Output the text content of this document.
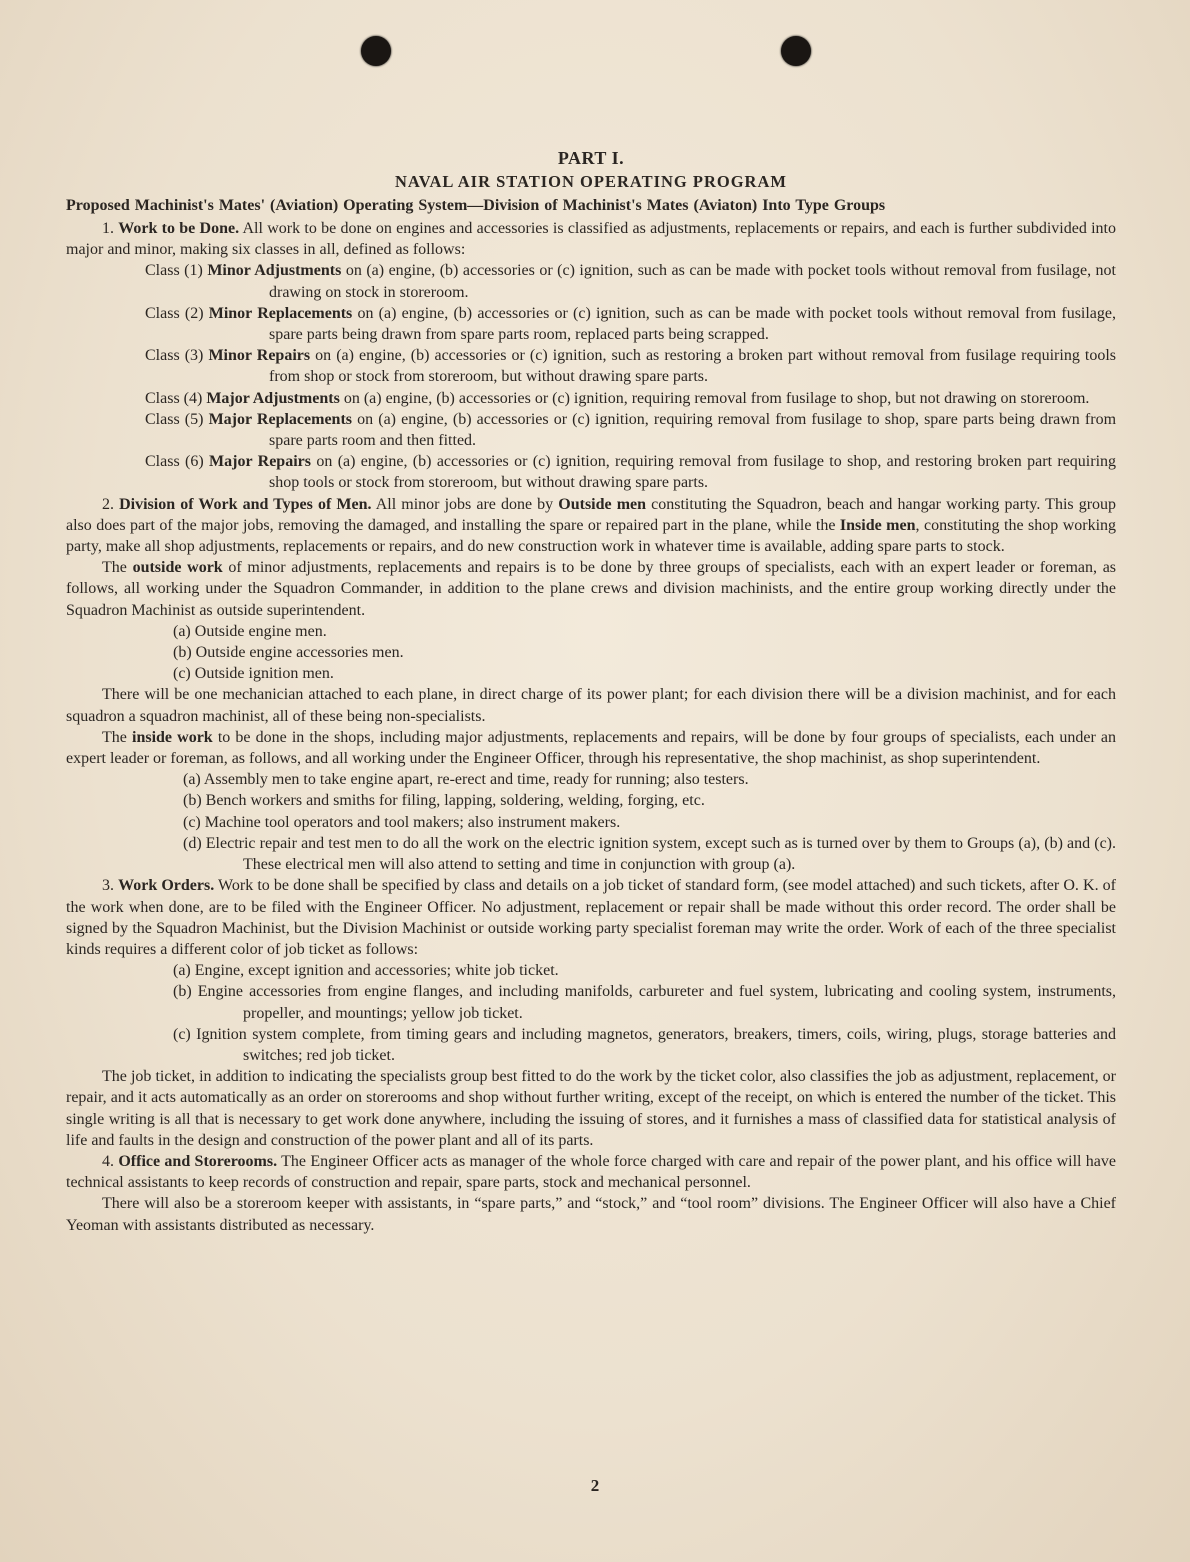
PART I.
NAVAL AIR STATION OPERATING PROGRAM
Proposed Machinist's Mates' (Aviation) Operating System—Division of Machinist's Mates (Aviaton) Into Type Groups

1. Work to be Done. All work to be done on engines and accessories is classified as adjustments, replacements or repairs, and each is further subdivided into major and minor, making six classes in all, defined as follows:

Class (1) Minor Adjustments on (a) engine, (b) accessories or (c) ignition, such as can be made with pocket tools without removal from fusilage, not drawing on stock in storeroom.

Class (2) Minor Replacements on (a) engine, (b) accessories or (c) ignition, such as can be made with pocket tools without removal from fusilage, spare parts being drawn from spare parts room, replaced parts being scrapped.

Class (3) Minor Repairs on (a) engine, (b) accessories or (c) ignition, such as restoring a broken part without removal from fusilage requiring tools from shop or stock from storeroom, but without drawing spare parts.

Class (4) Major Adjustments on (a) engine, (b) accessories or (c) ignition, requiring removal from fusilage to shop, but not drawing on storeroom.

Class (5) Major Replacements on (a) engine, (b) accessories or (c) ignition, requiring removal from fusilage to shop, spare parts being drawn from spare parts room and then fitted.

Class (6) Major Repairs on (a) engine, (b) accessories or (c) ignition, requiring removal from fusilage to shop, and restoring broken part requiring shop tools or stock from storeroom, but without drawing spare parts.

2. Division of Work and Types of Men. All minor jobs are done by Outside men constituting the Squadron, beach and hangar working party. This group also does part of the major jobs, removing the damaged, and installing the spare or repaired part in the plane, while the Inside men, constituting the shop working party, make all shop adjustments, replacements or repairs, and do new construction work in whatever time is available, adding spare parts to stock.

The outside work of minor adjustments, replacements and repairs is to be done by three groups of specialists, each with an expert leader or foreman, as follows, all working under the Squadron Commander, in addition to the plane crews and division machinists, and the entire group working directly under the Squadron Machinist as outside superintendent.

(a) Outside engine men.

(b) Outside engine accessories men.

(c) Outside ignition men.

There will be one mechanician attached to each plane, in direct charge of its power plant; for each division there will be a division machinist, and for each squadron a squadron machinist, all of these being non-specialists.

The inside work to be done in the shops, including major adjustments, replacements and repairs, will be done by four groups of specialists, each under an expert leader or foreman, as follows, and all working under the Engineer Officer, through his representative, the shop machinist, as shop superintendent.

(a) Assembly men to take engine apart, re-erect and time, ready for running; also testers.

(b) Bench workers and smiths for filing, lapping, soldering, welding, forging, etc.

(c) Machine tool operators and tool makers; also instrument makers.

(d) Electric repair and test men to do all the work on the electric ignition system, except such as is turned over by them to Groups (a), (b) and (c). These electrical men will also attend to setting and time in conjunction with group (a).

3. Work Orders. Work to be done shall be specified by class and details on a job ticket of standard form, (see model attached) and such tickets, after O. K. of the work when done, are to be filed with the Engineer Officer. No adjustment, replacement or repair shall be made without this order record. The order shall be signed by the Squadron Machinist, but the Division Machinist or outside working party specialist foreman may write the order. Work of each of the three specialist kinds requires a different color of job ticket as follows:

(a) Engine, except ignition and accessories; white job ticket.

(b) Engine accessories from engine flanges, and including manifolds, carbureter and fuel system, lubricating and cooling system, instruments, propeller, and mountings; yellow job ticket.

(c) Ignition system complete, from timing gears and including magnetos, generators, breakers, timers, coils, wiring, plugs, storage batteries and switches; red job ticket.

The job ticket, in addition to indicating the specialists group best fitted to do the work by the ticket color, also classifies the job as adjustment, replacement, or repair, and it acts automatically as an order on storerooms and shop without further writing, except of the receipt, on which is entered the number of the ticket. This single writing is all that is necessary to get work done anywhere, including the issuing of stores, and it furnishes a mass of classified data for statistical analysis of life and faults in the design and construction of the power plant and all of its parts.

4. Office and Storerooms. The Engineer Officer acts as manager of the whole force charged with care and repair of the power plant, and his office will have technical assistants to keep records of construction and repair, spare parts, stock and mechanical personnel.

There will also be a storeroom keeper with assistants, in “spare parts,” and “stock,” and “tool room” divisions. The Engineer Officer will also have a Chief Yeoman with assistants distributed as necessary.

2
